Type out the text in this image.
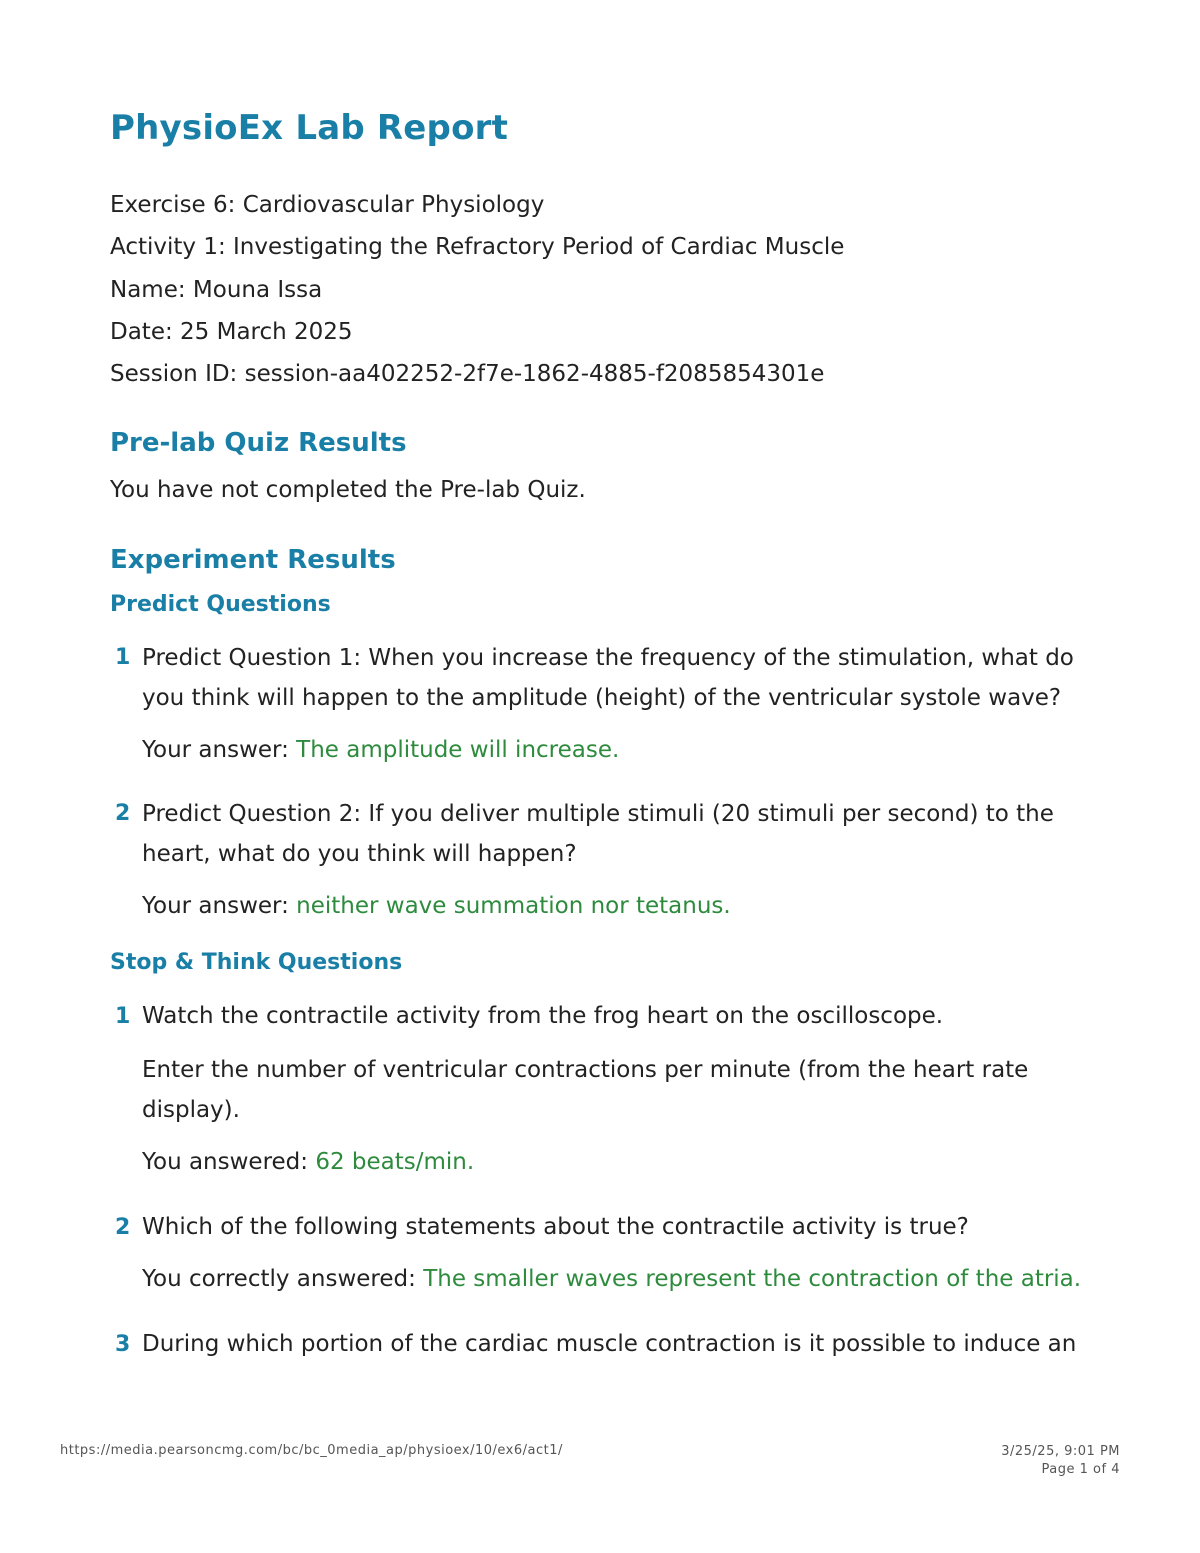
PhysioEx Lab Report
Exercise 6: Cardiovascular Physiology
Activity 1: Investigating the Refractory Period of Cardiac Muscle
Name: Mouna Issa
Date: 25 March 2025
Session ID: session-aa402252-2f7e-1862-4885-f2085854301e
Pre-lab Quiz Results
You have not completed the Pre-lab Quiz.
Experiment Results
Predict Questions
1 Predict Question 1: When you increase the frequency of the stimulation, what do you think will happen to the amplitude (height) of the ventricular systole wave?
Your answer: The amplitude will increase.
2 Predict Question 2: If you deliver multiple stimuli (20 stimuli per second) to the heart, what do you think will happen?
Your answer: neither wave summation nor tetanus.
Stop & Think Questions
1 Watch the contractile activity from the frog heart on the oscilloscope.
Enter the number of ventricular contractions per minute (from the heart rate display).
You answered: 62 beats/min.
2 Which of the following statements about the contractile activity is true?
You correctly answered: The smaller waves represent the contraction of the atria.
3 During which portion of the cardiac muscle contraction is it possible to induce an
https://media.pearsoncmg.com/bc/bc_0media_ap/physioex/10/ex6/act1/	3/25/25, 9:01 PM
Page 1 of 4
